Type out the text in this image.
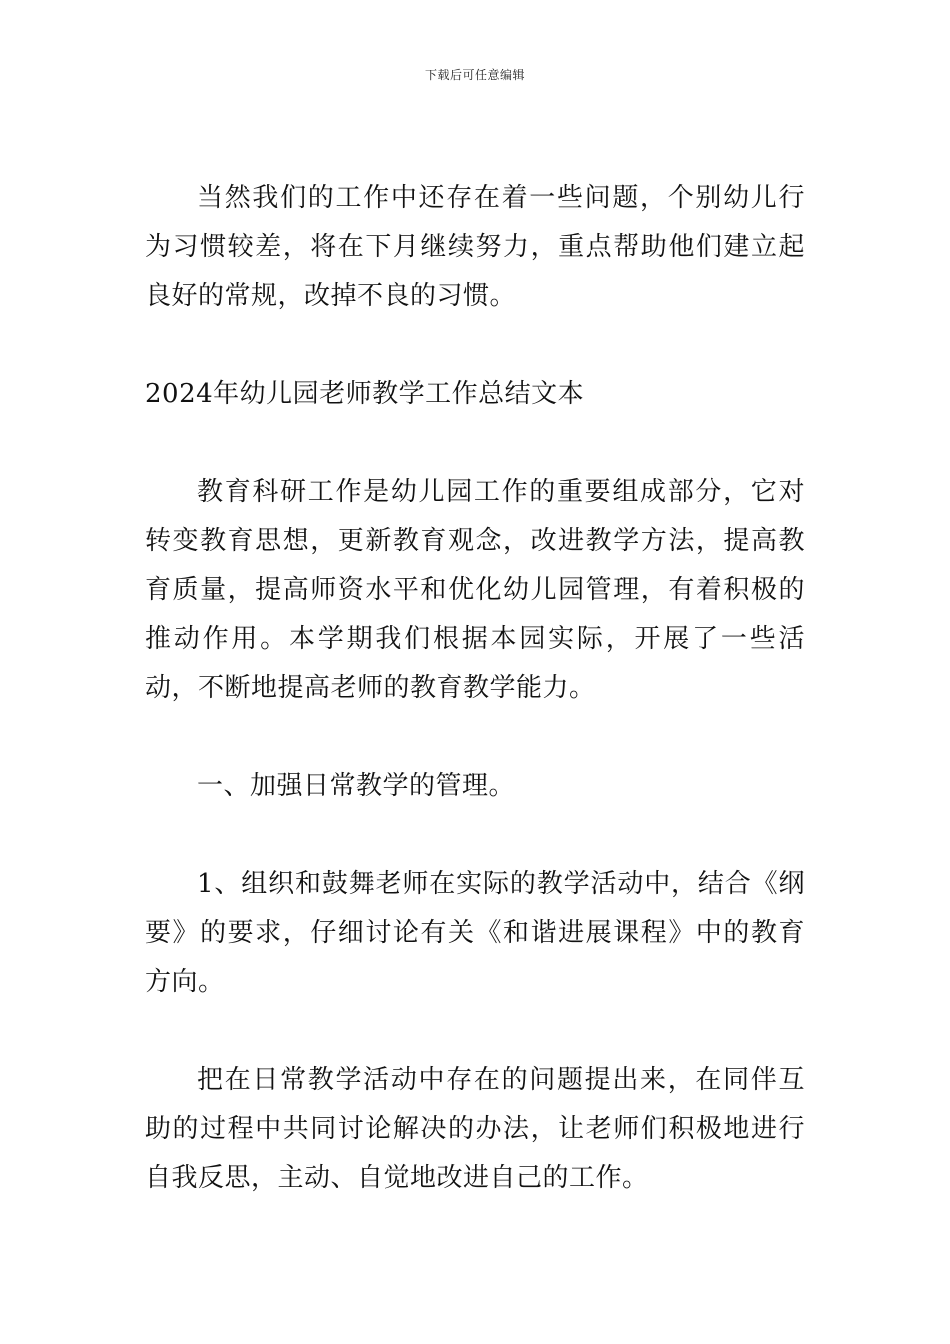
下载后可任意编辑

当然我们的工作中还存在着一些问题，个别幼儿行为习惯较差，将在下月继续努力，重点帮助他们建立起良好的常规，改掉不良的习惯。

2024年幼儿园老师教学工作总结文本

教育科研工作是幼儿园工作的重要组成部分，它对转变教育思想，更新教育观念，改进教学方法，提高教育质量，提高师资水平和优化幼儿园管理，有着积极的推动作用。本学期我们根据本园实际，开展了一些活动，不断地提高老师的教育教学能力。

一、加强日常教学的管理。

1、组织和鼓舞老师在实际的教学活动中，结合《纲要》的要求，仔细讨论有关《和谐进展课程》中的教育方向。

把在日常教学活动中存在的问题提出来，在同伴互助的过程中共同讨论解决的办法，让老师们积极地进行自我反思，主动、自觉地改进自己的工作。
